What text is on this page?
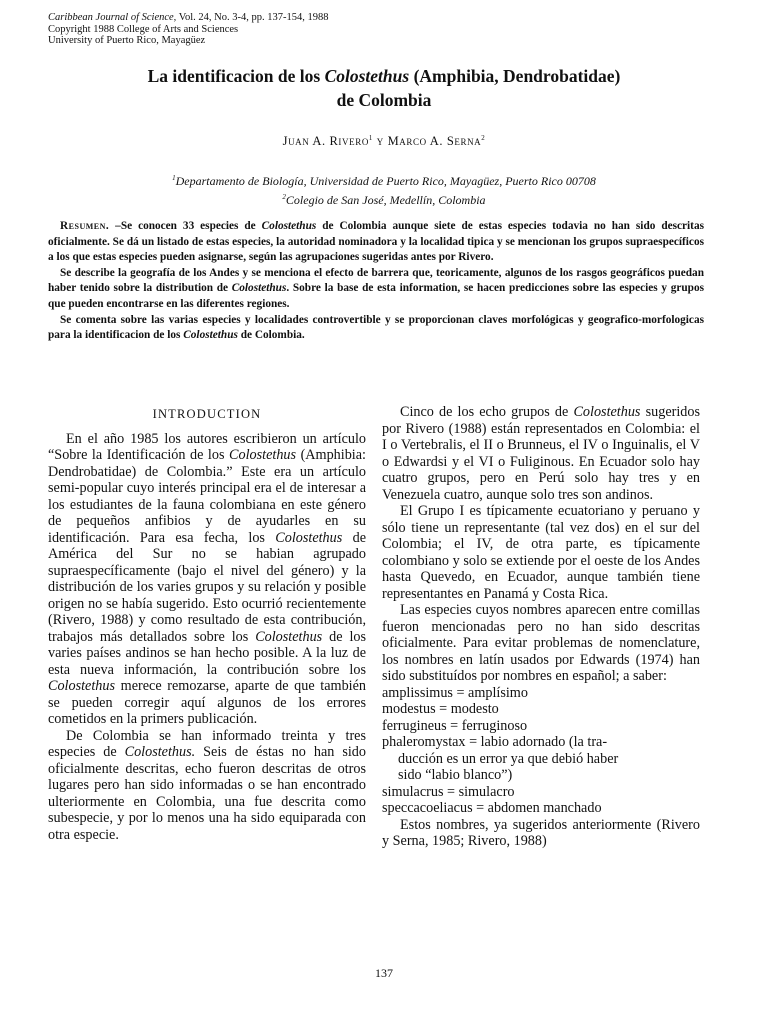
Caribbean Journal of Science, Vol. 24, No. 3-4, pp. 137-154, 1988
Copyright 1988 College of Arts and Sciences
University of Puerto Rico, Mayagüez
La identificacion de los Colostethus (Amphibia, Dendrobatidae)
de Colombia
Juan A. Rivero$^1$ y Marco A. Serna$^2$
$^1$Departamento de Biología, Universidad de Puerto Rico, Mayagüez, Puerto Rico 00708
$^2$Colegio de San José, Medellín, Colombia

Resumen. –Se conocen 33 especies de Colostethus de Colombia aunque siete de estas especies todavia no han sido descritas oficialmente. Se dá un listado de estas especies, la autoridad nominadora y la localidad tipica y se mencionan los grupos supraespecíficos a los que estas especies pueden asignarse, según las agrupaciones sugeridas antes por Rivero.

Se describe la geografía de los Andes y se menciona el efecto de barrera que, teoricamente, algunos de los rasgos geográficos puedan haber tenido sobre la distribution de Colostethus. Sobre la base de esta information, se hacen predicciones sobre las especies y grupos que pueden encontrarse en las diferentes regiones.

Se comenta sobre las varias especies y localidades controvertible y se proporcionan claves morfológicas y geografico-morfologicas para la identificacion de los Colostethus de Colombia.

INTRODUCTION

En el año 1985 los autores escribieron un artículo “Sobre la Identificación de los Colostethus (Amphibia: Dendrobatidae) de Colombia.” Este era un artículo semi-popular cuyo interés principal era el de interesar a los estudiantes de la fauna colombiana en este género de pequeños anfibios y de ayudarles en su identificación. Para esa fecha, los Colostethus de América del Sur no se habian agrupado supraespecíficamente (bajo el nivel del género) y la distribución de los varies grupos y su relación y posible origen no se había sugerido. Esto ocurrió recientemente (Rivero, 1988) y como resultado de esta contribución, trabajos más detallados sobre los Colostethus de los varies países andinos se han hecho posible. A la luz de esta nueva información, la contribución sobre los Colostethus merece remozarse, aparte de que también se pueden corregir aquí algunos de los errores cometidos en la primers publicación.

De Colombia se han informado treinta y tres especies de Colostethus. Seis de éstas no han sido oficialmente descritas, echo fueron descritas de otros lugares pero han sido informadas o se han encontrado ulteriormente en Colombia, una fue descrita como subespecie, y por lo menos una ha sido equiparada con otra especie.

Cinco de los echo grupos de Colostethus sugeridos por Rivero (1988) están representados en Colombia: el I o Vertebralis, el II o Brunneus, el IV o Inguinalis, el V o Edwardsi y el VI o Fuliginous. En Ecuador solo hay cuatro grupos, pero en Perú solo hay tres y en Venezuela cuatro, aunque solo tres son andinos.

El Grupo I es típicamente ecuatoriano y peruano y sólo tiene un representante (tal vez dos) en el sur del Colombia; el IV, de otra parte, es típicamente colombiano y solo se extiende por el oeste de los Andes hasta Quevedo, en Ecuador, aunque también tiene representantes en Panamá y Costa Rica.

Las especies cuyos nombres aparecen entre comillas fueron mencionadas pero no han sido descritas oficialmente. Para evitar problemas de nomenclature, los nombres en latín usados por Edwards (1974) han sido substituídos por nombres en español; a saber:

amplissimus = amplísimo
modestus = modesto
ferrugineus = ferruginoso
phaleromystax = labio adornado (la tra-
ducción es un error ya que debió haber
sido “labio blanco”)
simulacrus = simulacro
speccacoeliacus = abdomen manchado

Estos nombres, ya sugeridos anteriormente (Rivero y Serna, 1985; Rivero, 1988)

137
